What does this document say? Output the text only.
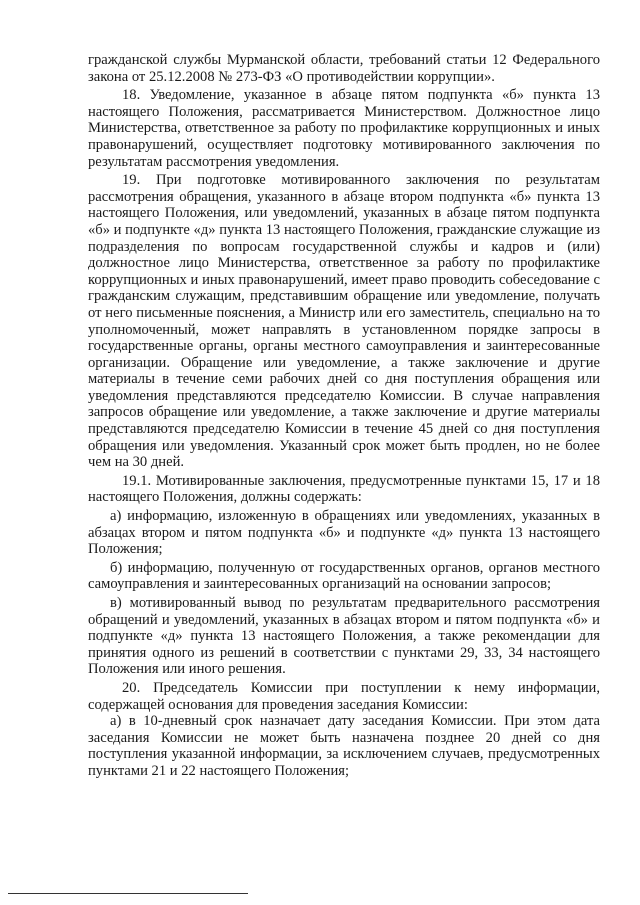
гражданской службы Мурманской области, требований статьи 12 Федерального закона от 25.12.2008 № 273-ФЗ «О противодействии коррупции».

18. Уведомление, указанное в абзаце пятом подпункта «б» пункта 13 настоящего Положения, рассматривается Министерством. Должностное лицо Министерства, ответственное за работу по профилактике коррупционных и иных правонарушений, осуществляет подготовку мотивированного заключения по результатам рассмотрения уведомления.

19. При подготовке мотивированного заключения по результатам рассмотрения обращения, указанного в абзаце втором подпункта «б» пункта 13 настоящего Положения, или уведомлений, указанных в абзаце пятом подпункта «б» и подпункте «д» пункта 13 настоящего Положения, гражданские служащие из подразделения по вопросам государственной службы и кадров и (или) должностное лицо Министерства, ответственное за работу по профилактике коррупционных и иных правонарушений, имеет право проводить собеседование с гражданским служащим, представившим обращение или уведомление, получать от него письменные пояснения, а Министр или его заместитель, специально на то уполномоченный, может направлять в установленном порядке запросы в государственные органы, органы местного самоуправления и заинтересованные организации. Обращение или уведомление, а также заключение и другие материалы в течение семи рабочих дней со дня поступления обращения или уведомления представляются председателю Комиссии. В случае направления запросов обращение или уведомление, а также заключение и другие материалы представляются председателю Комиссии в течение 45 дней со дня поступления обращения или уведомления. Указанный срок может быть продлен, но не более чем на 30 дней.

19.1. Мотивированные заключения, предусмотренные пунктами 15, 17 и 18 настоящего Положения, должны содержать:

а) информацию, изложенную в обращениях или уведомлениях, указанных в абзацах втором и пятом подпункта «б» и подпункте «д» пункта 13 настоящего Положения;

б) информацию, полученную от государственных органов, органов местного самоуправления и заинтересованных организаций на основании запросов;

в) мотивированный вывод по результатам предварительного рассмотрения обращений и уведомлений, указанных в абзацах втором и пятом подпункта «б» и подпункте «д» пункта 13 настоящего Положения, а также рекомендации для принятия одного из решений в соответствии с пунктами 29, 33, 34 настоящего Положения или иного решения.

20. Председатель Комиссии при поступлении к нему информации, содержащей основания для проведения заседания Комиссии:

а) в 10-дневный срок назначает дату заседания Комиссии. При этом дата заседания Комиссии не может быть назначена позднее 20 дней со дня поступления указанной информации, за исключением случаев, предусмотренных пунктами 21 и 22 настоящего Положения;
